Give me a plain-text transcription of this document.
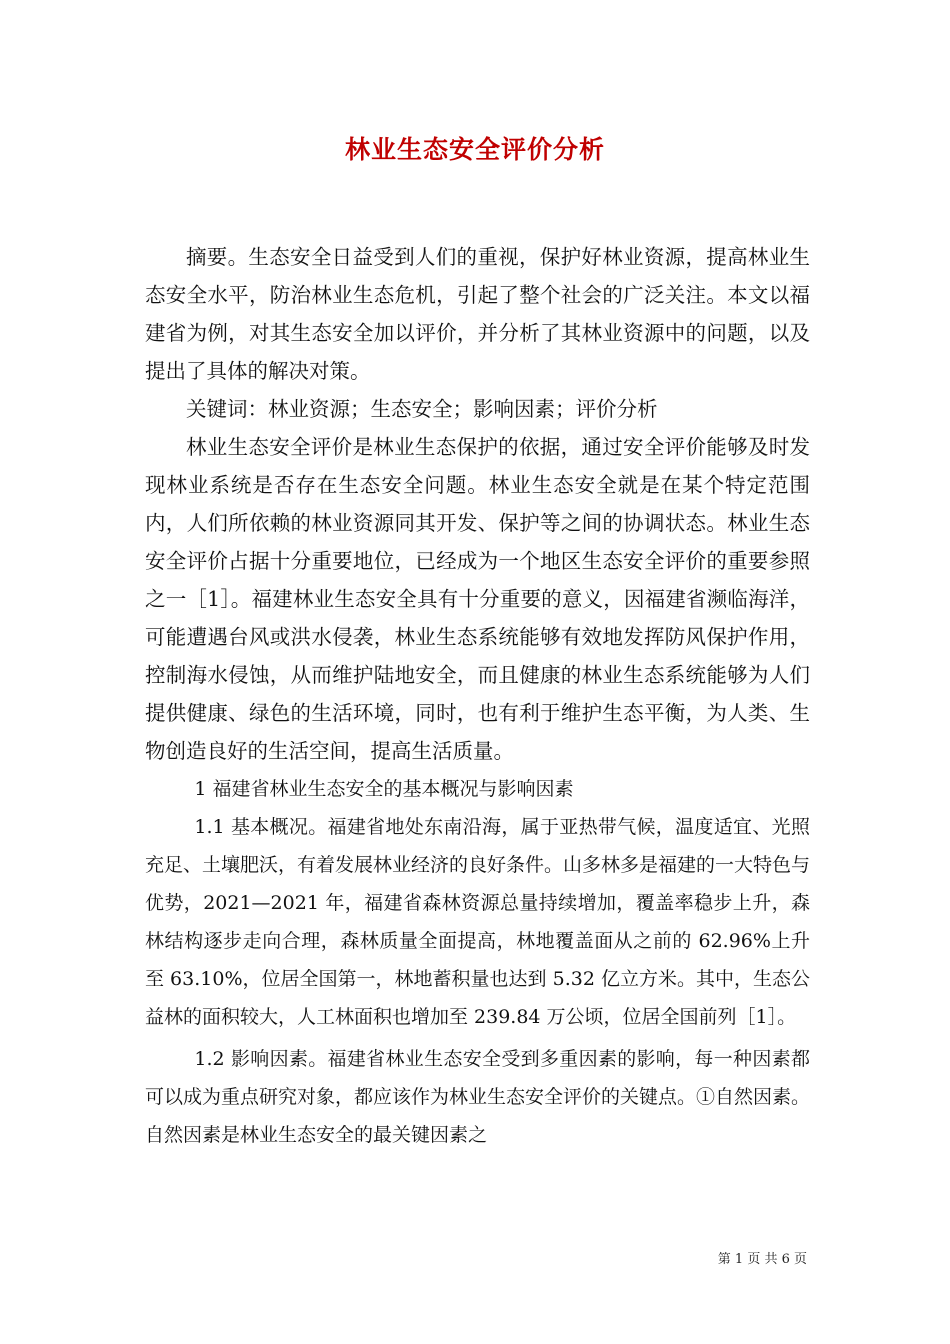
林业生态安全评价分析

摘要。生态安全日益受到人们的重视，保护好林业资源，提高林业生态安全水平，防治林业生态危机，引起了整个社会的广泛关注。本文以福建省为例，对其生态安全加以评价，并分析了其林业资源中的问题，以及提出了具体的解决对策。

关键词：林业资源；生态安全；影响因素；评价分析

林业生态安全评价是林业生态保护的依据，通过安全评价能够及时发现林业系统是否存在生态安全问题。林业生态安全就是在某个特定范围内，人们所依赖的林业资源同其开发、保护等之间的协调状态。林业生态安全评价占据十分重要地位，已经成为一个地区生态安全评价的重要参照之一［1］。福建林业生态安全具有十分重要的意义，因福建省濒临海洋，可能遭遇台风或洪水侵袭，林业生态系统能够有效地发挥防风保护作用，控制海水侵蚀，从而维护陆地安全，而且健康的林业生态系统能够为人们提供健康、绿色的生活环境，同时，也有利于维护生态平衡，为人类、生物创造良好的生活空间，提高生活质量。

1 福建省林业生态安全的基本概况与影响因素

1.1 基本概况。福建省地处东南沿海，属于亚热带气候，温度适宜、光照充足、土壤肥沃，有着发展林业经济的良好条件。山多林多是福建的一大特色与优势，2021—2021 年，福建省森林资源总量持续增加，覆盖率稳步上升，森林结构逐步走向合理，森林质量全面提高，林地覆盖面从之前的 62.96%上升至 63.10%，位居全国第一，林地蓄积量也达到 5.32 亿立方米。其中，生态公益林的面积较大，人工林面积也增加至 239.84 万公顷，位居全国前列［1］。

1.2 影响因素。福建省林业生态安全受到多重因素的影响，每一种因素都可以成为重点研究对象，都应该作为林业生态安全评价的关键点。①自然因素。自然因素是林业生态安全的最关键因素之

第 1 页 共 6 页
